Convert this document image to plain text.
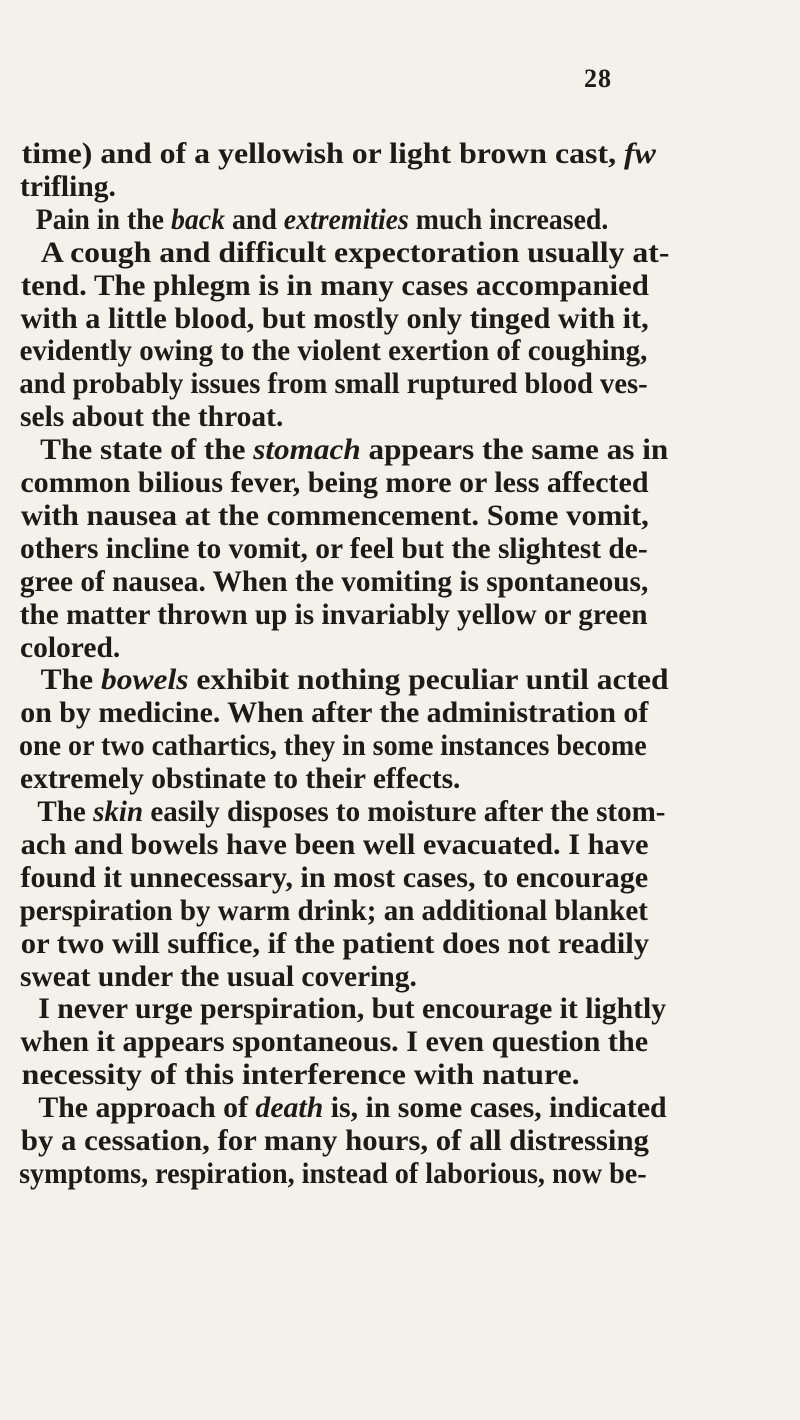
28
time) and of a yellowish or light brown cast, fw
trifling.
Pain in the back and extremities much increased.
A cough and difficult expectoration usually at-
tend. The phlegm is in many cases accompanied
with a little blood, but mostly only tinged with it,
evidently owing to the violent exertion of coughing,
and probably issues from small ruptured blood ves-
sels about the throat.
The state of the stomach appears the same as in
common bilious fever, being more or less affected
with nausea at the commencement. Some vomit,
others incline to vomit, or feel but the slightest de-
gree of nausea. When the vomiting is spontaneous,
the matter thrown up is invariably yellow or green
colored.
The bowels exhibit nothing peculiar until acted
on by medicine. When after the administration of
one or two cathartics, they in some instances become
extremely obstinate to their effects.
The skin easily disposes to moisture after the stom-
ach and bowels have been well evacuated. I have
found it unnecessary, in most cases, to encourage
perspiration by warm drink; an additional blanket
or two will suffice, if the patient does not readily
sweat under the usual covering.
I never urge perspiration, but encourage it lightly
when it appears spontaneous. I even question the
necessity of this interference with nature.
The approach of death is, in some cases, indicated
by a cessation, for many hours, of all distressing
symptoms, respiration, instead of laborious, now be-
